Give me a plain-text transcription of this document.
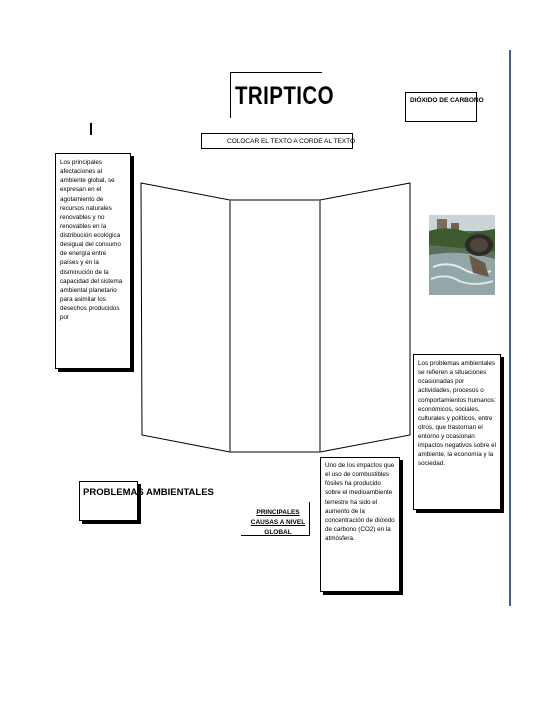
TRIPTICO	DIÓXIDO DE CARBONO
COLOCAR EL TEXTO A CORDE AL TEXTO
Los principales afectaciones al ambiente global, se expresan en el agotamiento de recursos naturales renovables y no renovables en la distribución ecológica desigual del consumo de energía entre países y en la disminución de la capacidad del sistema ambiental planetario para asimilar los desechos producidos por
Los problemas ambientales se refieren a situaciones ocasionadas por actividades, procesos o comportamientos humanos: económicos, sociales, culturales y políticos, entre otros, que trastornan el entorno y ocasionan impactos negativos sobre el ambiente, la economía y la sociedad.
Uno de los impactos que el uso de combustibles fósiles ha producido sobre el medioambiente terrestre ha sido el aumento de la concentración de dióxido de carbono (CO2) en la atmósfera.
PROBLEMAS AMBIENTALES
PRINCIPALES CAUSAS A NIVEL GLOBAL
